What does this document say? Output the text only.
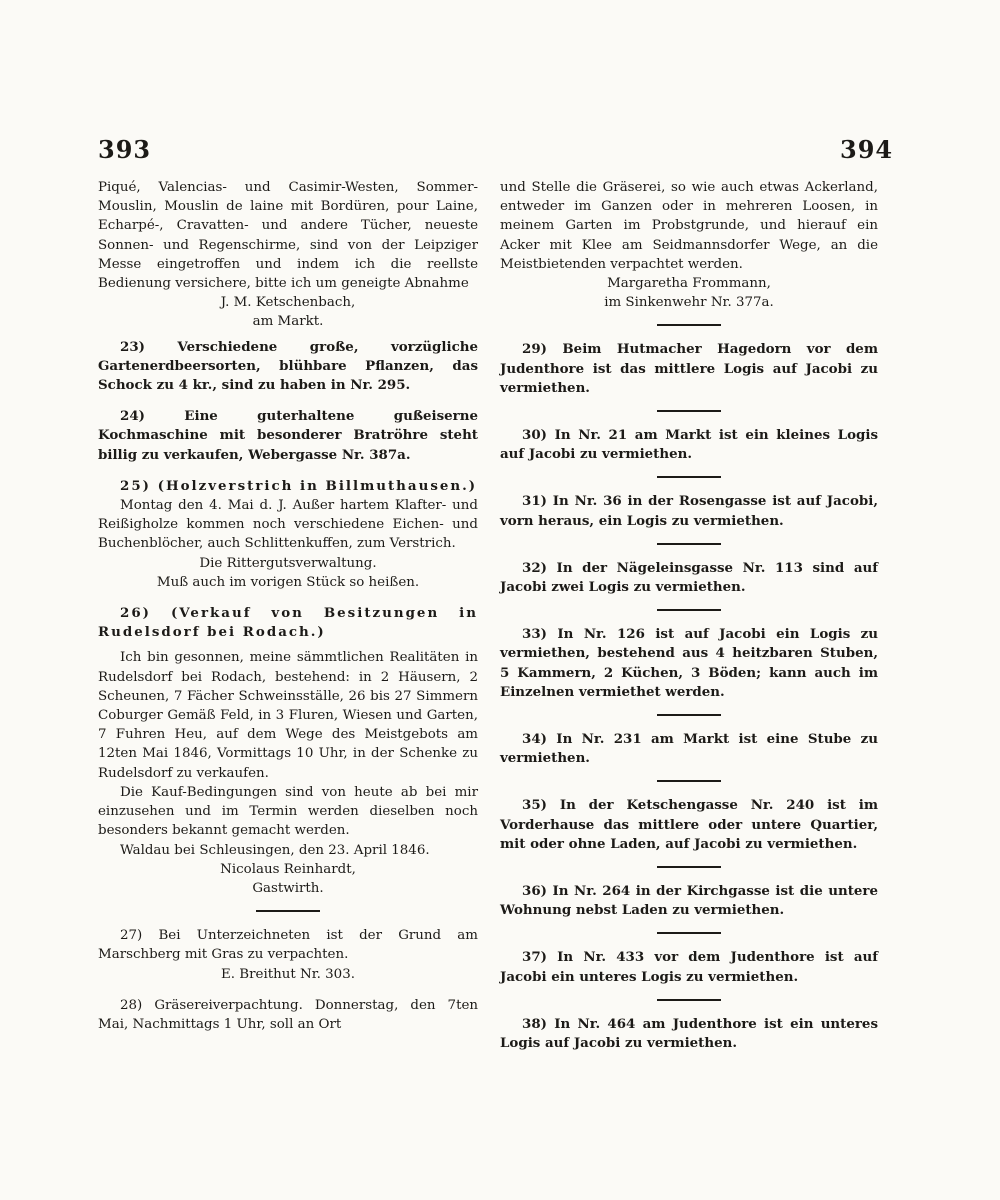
393	394

Piqué, Valencias- und Casimir-Westen, Sommer-Mouslin, Mouslin de laine mit Bordüren, pour Laine, Echarpé-, Cravatten- und andere Tücher, neueste Sonnen- und Regenschirme, sind von der Leipziger Messe eingetroffen und indem ich die reellste Bedienung versichere, bitte ich um geneigte Abnahme

J. M. Ketschenbach,

am Markt.

23) Verschiedene große, vorzügliche Gartenerdbeersorten, blühbare Pflanzen, das Schock zu 4 kr., sind zu haben in Nr. 295.

24) Eine guterhaltene gußeiserne Kochmaschine mit besonderer Bratröhre steht billig zu verkaufen, Webergasse Nr. 387a.

25) (Holzverstrich in Billmuthausen.)

Montag den 4. Mai d. J. Außer hartem Klafter- und Reißigholze kommen noch verschiedene Eichen- und Buchenblöcher, auch Schlittenkuffen, zum Verstrich.

Die Rittergutsverwaltung.

Muß auch im vorigen Stück so heißen.

26) (Verkauf von Besitzungen in Rudelsdorf bei Rodach.)

Ich bin gesonnen, meine sämmtlichen Realitäten in Rudelsdorf bei Rodach, bestehend: in 2 Häusern, 2 Scheunen, 7 Fächer Schweinsställe, 26 bis 27 Simmern Coburger Gemäß Feld, in 3 Fluren, Wiesen und Garten, 7 Fuhren Heu, auf dem Wege des Meistgebots am 12ten Mai 1846, Vormittags 10 Uhr, in der Schenke zu Rudelsdorf zu verkaufen.

Die Kauf-Bedingungen sind von heute ab bei mir einzusehen und im Termin werden dieselben noch besonders bekannt gemacht werden.

Waldau bei Schleusingen, den 23. April 1846.

Nicolaus Reinhardt,

Gastwirth.

27) Bei Unterzeichneten ist der Grund am Marschberg mit Gras zu verpachten.

E. Breithut Nr. 303.

28) Gräsereiverpachtung. Donnerstag, den 7ten Mai, Nachmittags 1 Uhr, soll an Ort

und Stelle die Gräserei, so wie auch etwas Ackerland, entweder im Ganzen oder in mehreren Loosen, in meinem Garten im Probstgrunde, und hierauf ein Acker mit Klee am Seidmannsdorfer Wege, an die Meistbietenden verpachtet werden.

Margaretha Frommann,

im Sinkenwehr Nr. 377a.

29) Beim Hutmacher Hagedorn vor dem Judenthore ist das mittlere Logis auf Jacobi zu vermiethen.

30) In Nr. 21 am Markt ist ein kleines Logis auf Jacobi zu vermiethen.

31) In Nr. 36 in der Rosengasse ist auf Jacobi, vorn heraus, ein Logis zu vermiethen.

32) In der Nägeleinsgasse Nr. 113 sind auf Jacobi zwei Logis zu vermiethen.

33) In Nr. 126 ist auf Jacobi ein Logis zu vermiethen, bestehend aus 4 heitzbaren Stuben, 5 Kammern, 2 Küchen, 3 Böden; kann auch im Einzelnen vermiethet werden.

34) In Nr. 231 am Markt ist eine Stube zu vermiethen.

35) In der Ketschengasse Nr. 240 ist im Vorderhause das mittlere oder untere Quartier, mit oder ohne Laden, auf Jacobi zu vermiethen.

36) In Nr. 264 in der Kirchgasse ist die untere Wohnung nebst Laden zu vermiethen.

37) In Nr. 433 vor dem Judenthore ist auf Jacobi ein unteres Logis zu vermiethen.

38) In Nr. 464 am Judenthore ist ein unteres Logis auf Jacobi zu vermiethen.
